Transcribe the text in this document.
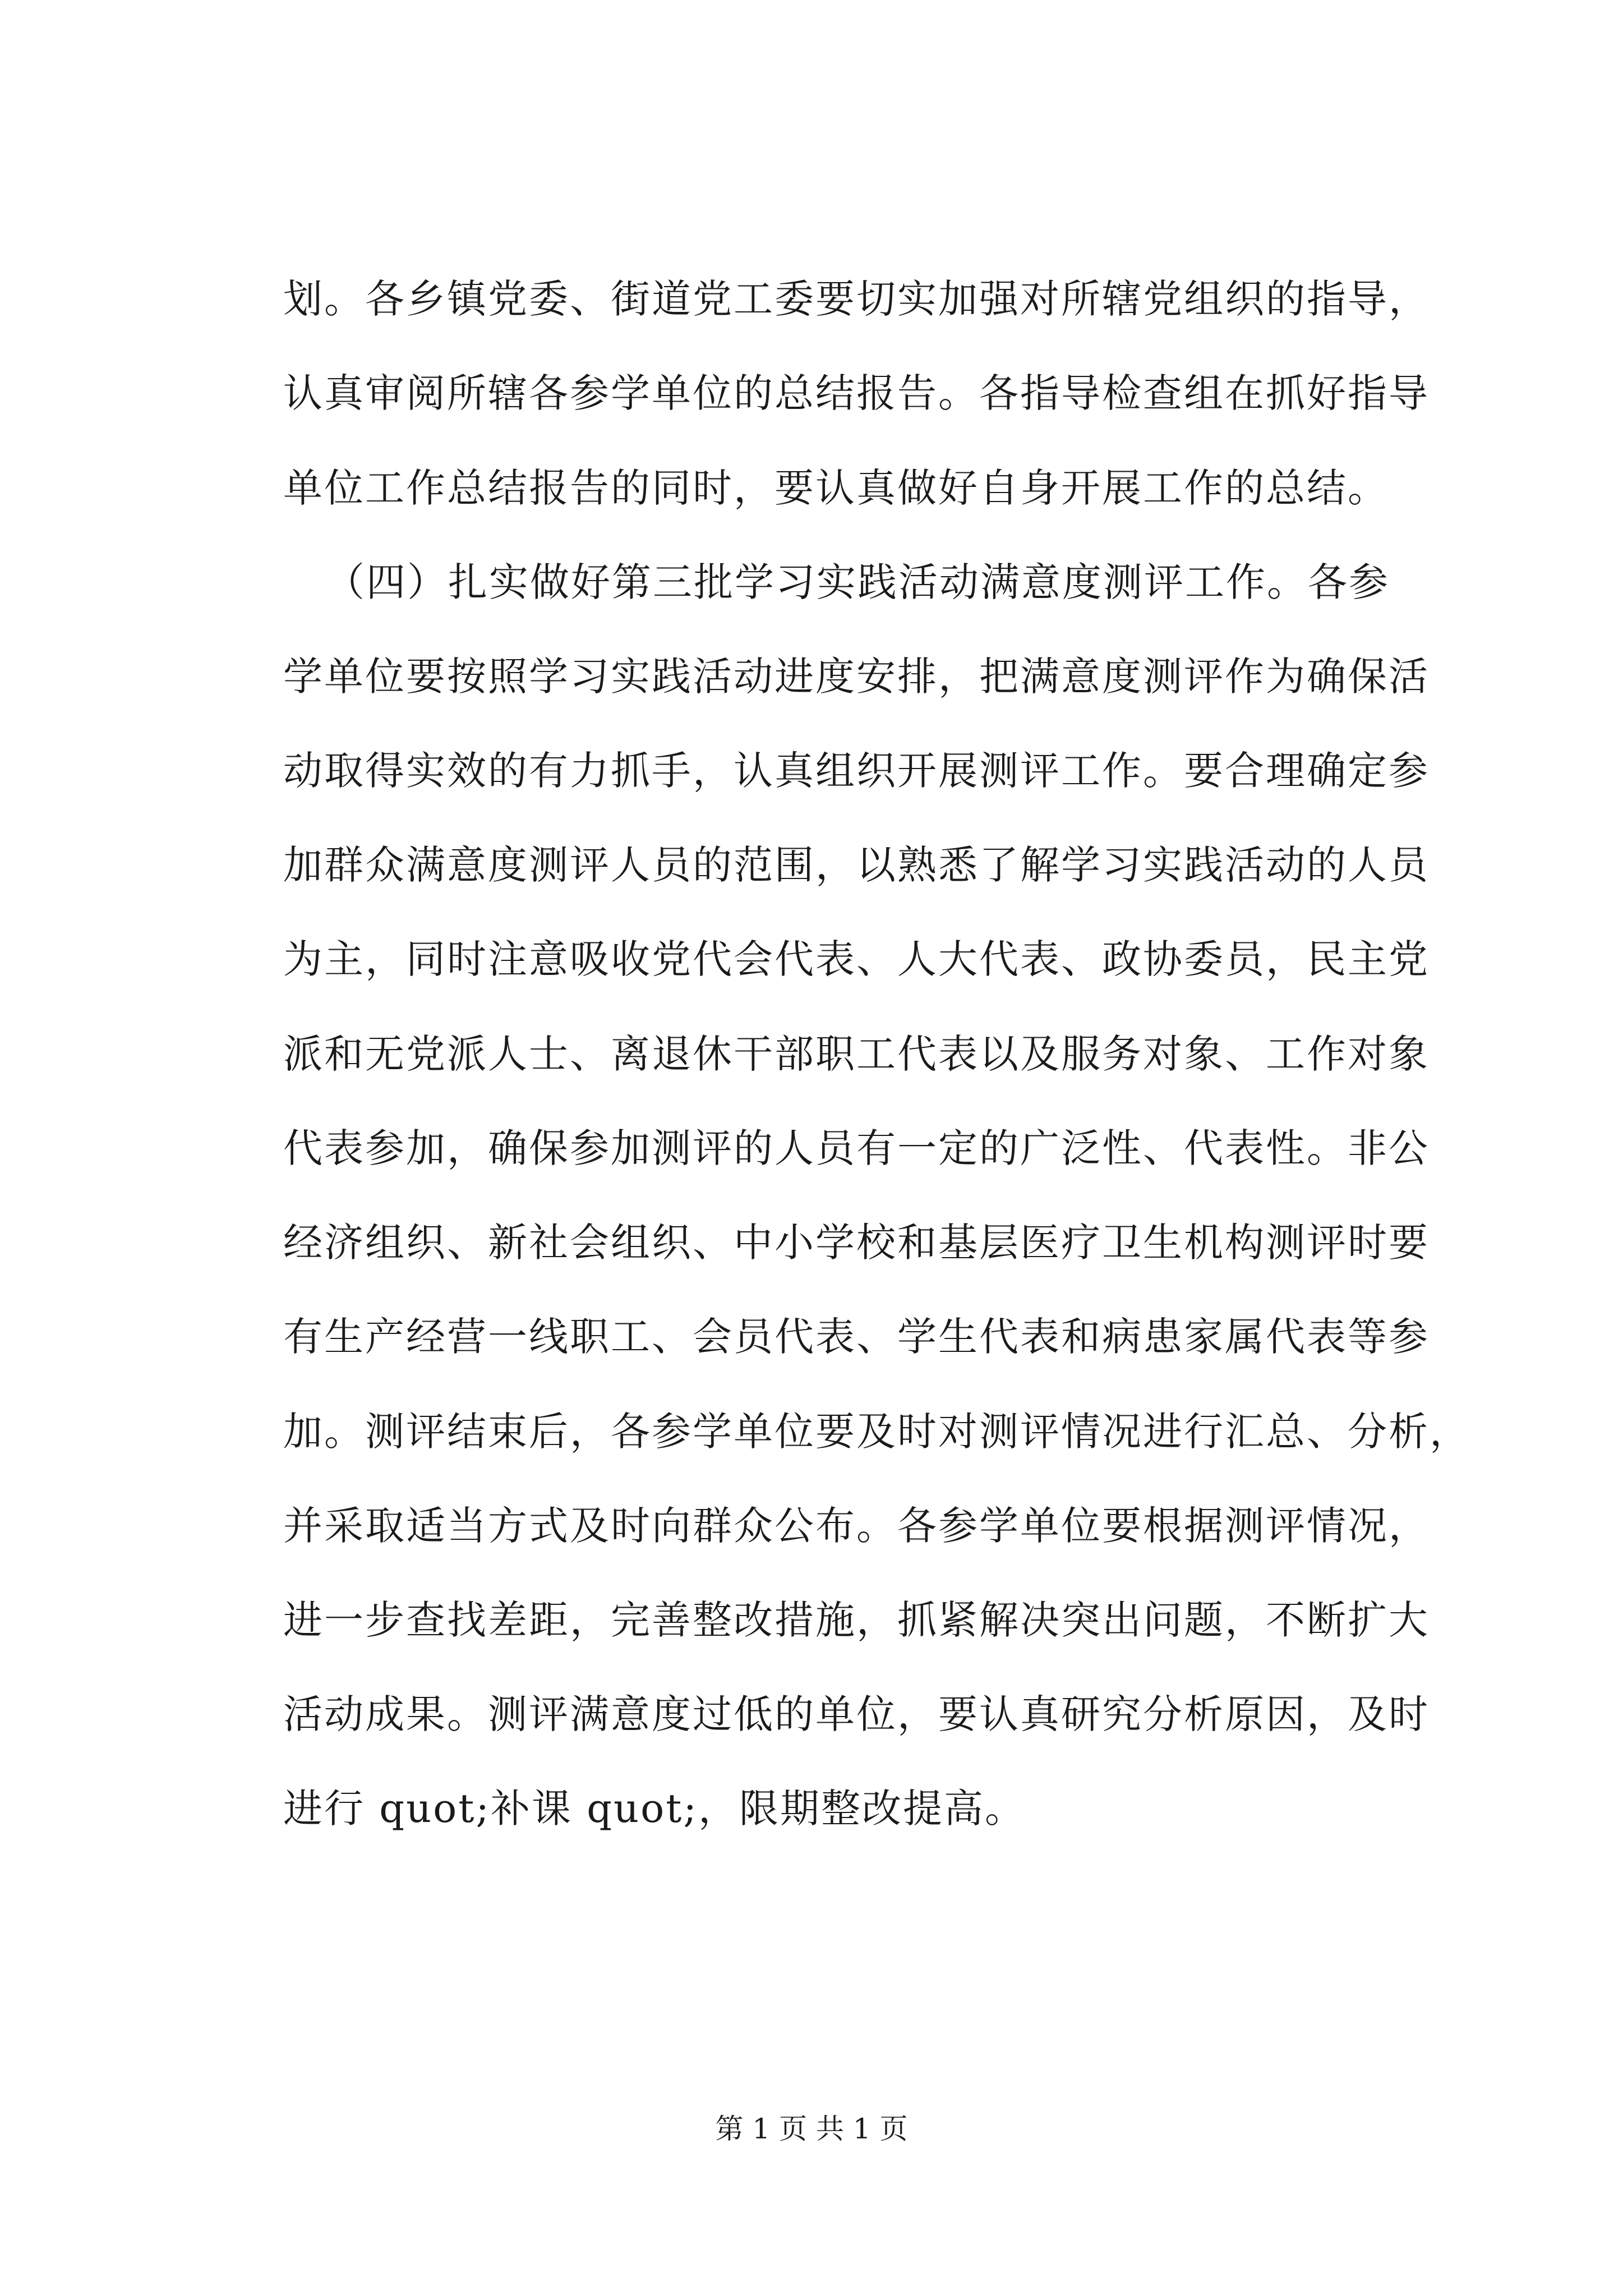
划。各乡镇党委、街道党工委要切实加强对所辖党组织的指导，
认真审阅所辖各参学单位的总结报告。各指导检查组在抓好指导
单位工作总结报告的同时，要认真做好自身开展工作的总结。
（四）扎实做好第三批学习实践活动满意度测评工作。各参
学单位要按照学习实践活动进度安排，把满意度测评作为确保活
动取得实效的有力抓手，认真组织开展测评工作。要合理确定参
加群众满意度测评人员的范围，以熟悉了解学习实践活动的人员
为主，同时注意吸收党代会代表、人大代表、政协委员，民主党
派和无党派人士、离退休干部职工代表以及服务对象、工作对象
代表参加，确保参加测评的人员有一定的广泛性、代表性。非公
经济组织、新社会组织、中小学校和基层医疗卫生机构测评时要
有生产经营一线职工、会员代表、学生代表和病患家属代表等参
加。测评结束后，各参学单位要及时对测评情况进行汇总、分析，
并采取适当方式及时向群众公布。各参学单位要根据测评情况，
进一步查找差距，完善整改措施，抓紧解决突出问题，不断扩大
活动成果。测评满意度过低的单位，要认真研究分析原因，及时
进行 quot;补课 quot;，限期整改提高。
第 1 页 共 1 页
